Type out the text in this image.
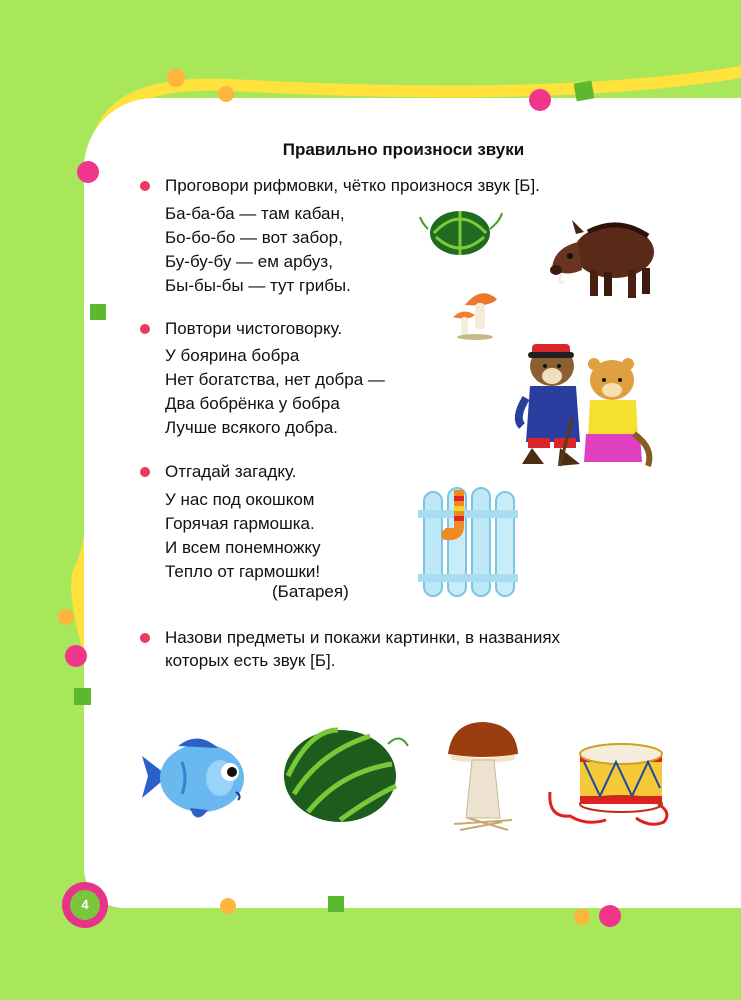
Правильно произноси звуки
Проговори рифмовки, чётко произнося звук [Б].
Ба-ба-ба — там кабан,
Бо-бо-бо — вот забор,
Бу-бу-бу — ем арбуз,
Бы-бы-бы — тут грибы.
Повтори чистоговорку.
У боярина бобра
Нет богатства, нет добра —
Два бобрёнка у бобра
Лучше всякого добра.
Отгадай загадку.
У нас под окошком
Горячая гармошка.
И всем понемножку
Тепло от гармошки!
(Батарея)
Назови предметы и покажи картинки, в названиях
которых есть звук [Б].
4
